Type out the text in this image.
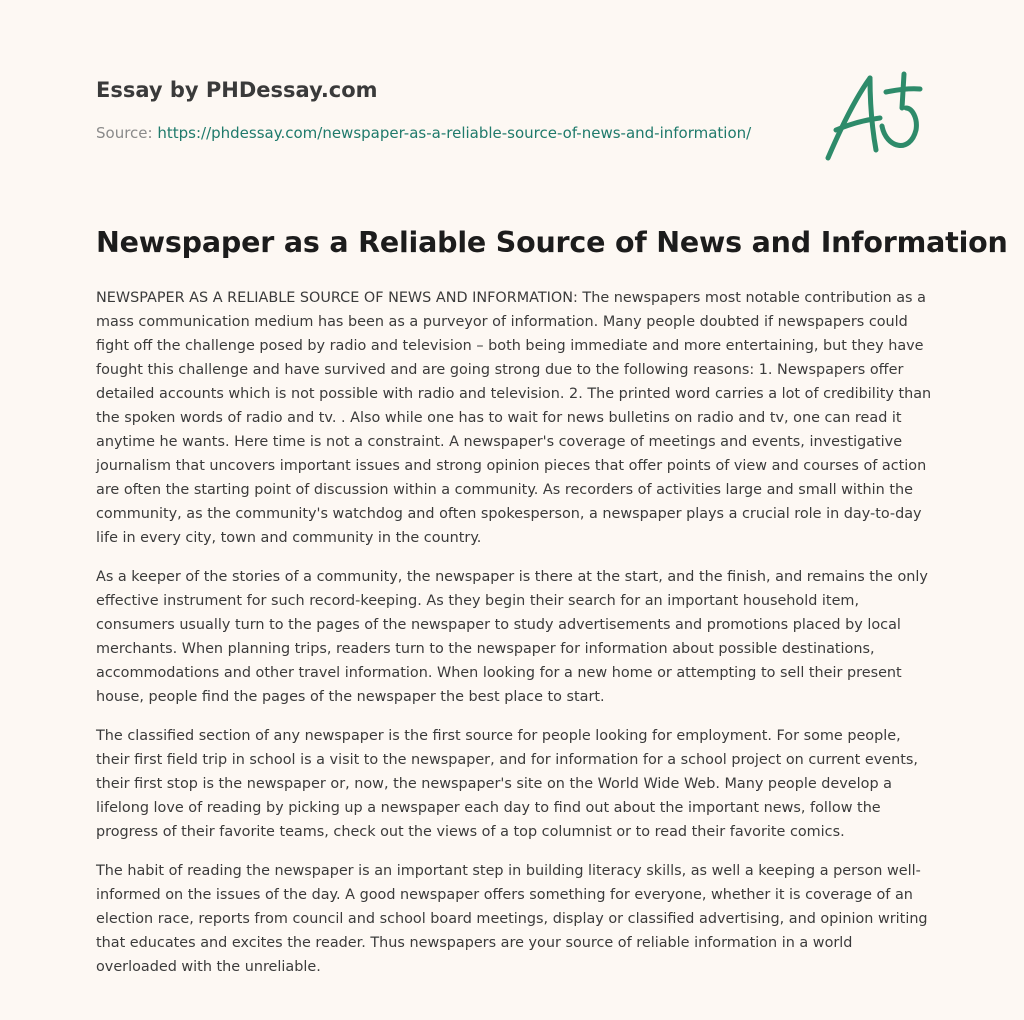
Essay by PHDessay.com
Source: https://phdessay.com/newspaper-as-a-reliable-source-of-news-and-information/
Newspaper as a Reliable Source of News and Information

NEWSPAPER AS A RELIABLE SOURCE OF NEWS AND INFORMATION: The newspapers most notable contribution as a mass communication medium has been as a purveyor of information. Many people doubted if newspapers could fight off the challenge posed by radio and television – both being immediate and more entertaining, but they have fought this challenge and have survived and are going strong due to the following reasons: 1. Newspapers offer detailed accounts which is not possible with radio and television. 2. The printed word carries a lot of credibility than the spoken words of radio and tv. . Also while one has to wait for news bulletins on radio and tv, one can read it anytime he wants. Here time is not a constraint. A newspaper's coverage of meetings and events, investigative journalism that uncovers important issues and strong opinion pieces that offer points of view and courses of action are often the starting point of discussion within a community. As recorders of activities large and small within the community, as the community's watchdog and often spokesperson, a newspaper plays a crucial role in day-to-day life in every city, town and community in the country.

As a keeper of the stories of a community, the newspaper is there at the start, and the finish, and remains the only effective instrument for such record-keeping. As they begin their search for an important household item, consumers usually turn to the pages of the newspaper to study advertisements and promotions placed by local merchants. When planning trips, readers turn to the newspaper for information about possible destinations, accommodations and other travel information. When looking for a new home or attempting to sell their present house, people find the pages of the newspaper the best place to start.

The classified section of any newspaper is the first source for people looking for employment. For some people, their first field trip in school is a visit to the newspaper, and for information for a school project on current events, their first stop is the newspaper or, now, the newspaper's site on the World Wide Web. Many people develop a lifelong love of reading by picking up a newspaper each day to find out about the important news, follow the progress of their favorite teams, check out the views of a top columnist or to read their favorite comics.

The habit of reading the newspaper is an important step in building literacy skills, as well a keeping a person well-informed on the issues of the day. A good newspaper offers something for everyone, whether it is coverage of an election race, reports from council and school board meetings, display or classified advertising, and opinion writing that educates and excites the reader. Thus newspapers are your source of reliable information in a world overloaded with the unreliable.
